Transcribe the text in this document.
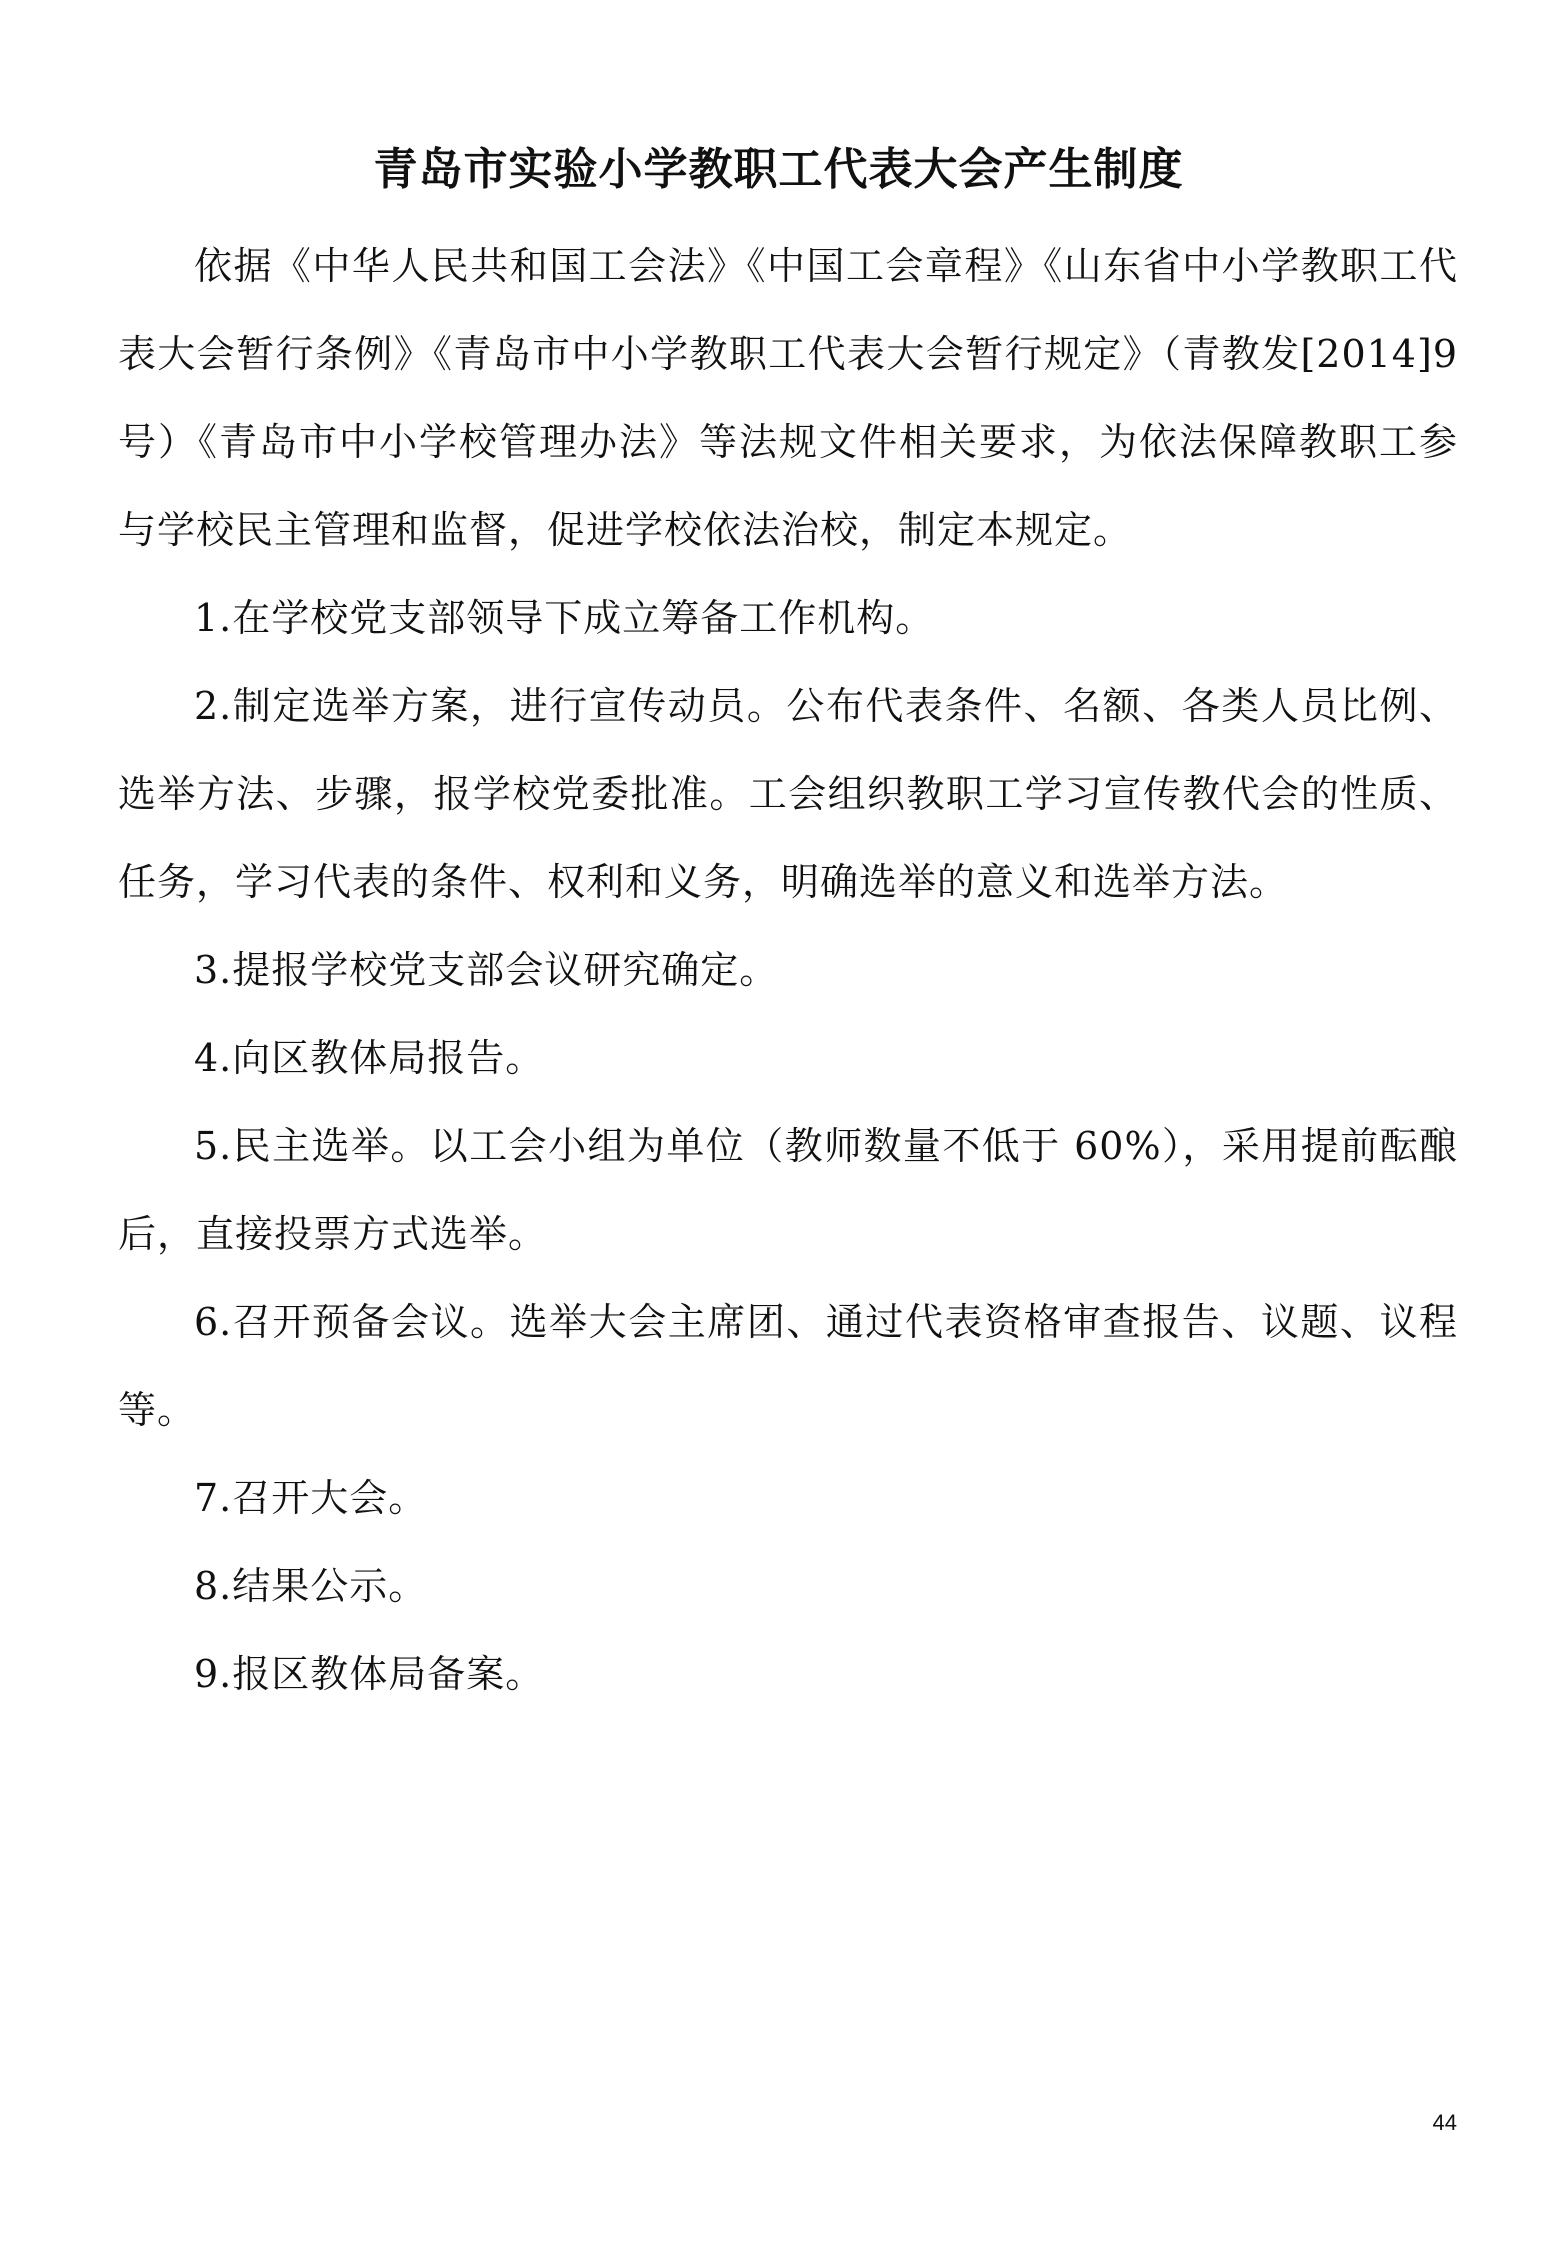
青岛市实验小学教职工代表大会产生制度

依据《中华人民共和国工会法》《中国工会章程》《山东省中小学教职工代表大会暂行条例》《青岛市中小学教职工代表大会暂行规定》（青教发[2014]9 号）《青岛市中小学校管理办法》等法规文件相关要求，为依法保障教职工参与学校民主管理和监督，促进学校依法治校，制定本规定。

1.在学校党支部领导下成立筹备工作机构。

2.制定选举方案，进行宣传动员。公布代表条件、名额、各类人员比例、选举方法、步骤，报学校党委批准。工会组织教职工学习宣传教代会的性质、任务，学习代表的条件、权利和义务，明确选举的意义和选举方法。

3.提报学校党支部会议研究确定。

4.向区教体局报告。

5.民主选举。以工会小组为单位（教师数量不低于 60%），采用提前酝酿后，直接投票方式选举。

6.召开预备会议。选举大会主席团、通过代表资格审查报告、议题、议程等。

7.召开大会。

8.结果公示。

9.报区教体局备案。

44
